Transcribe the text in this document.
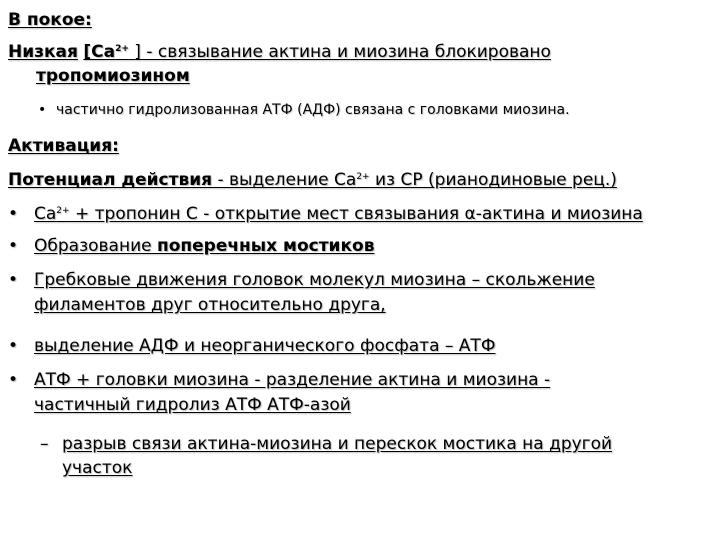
В покое:
Низкая [$Ca^{2+}$ ] - связывание актина и миозина блокировано
тропомиозином
• частично гидролизованная АТФ (АДФ) связана с головками миозина.
Активация:
Потенциал действия - выделение $Ca^{2+}$ из СР (рианодиновые рец.)
• $Ca^{2+}$ + тропонин С - открытие мест связывания α-актина и миозина
• Образование поперечных мостиков
• Гребковые движения головок молекул миозина – скольжение
филаментов друг относительно друга,
• выделение АДФ и неорганического фосфата – АТФ
• АТФ + головки миозина - разделение актина и миозина -
частичный гидролиз АТФ АТФ-азой
– разрыв связи актина-миозина и перескок мостика на другой
участок
